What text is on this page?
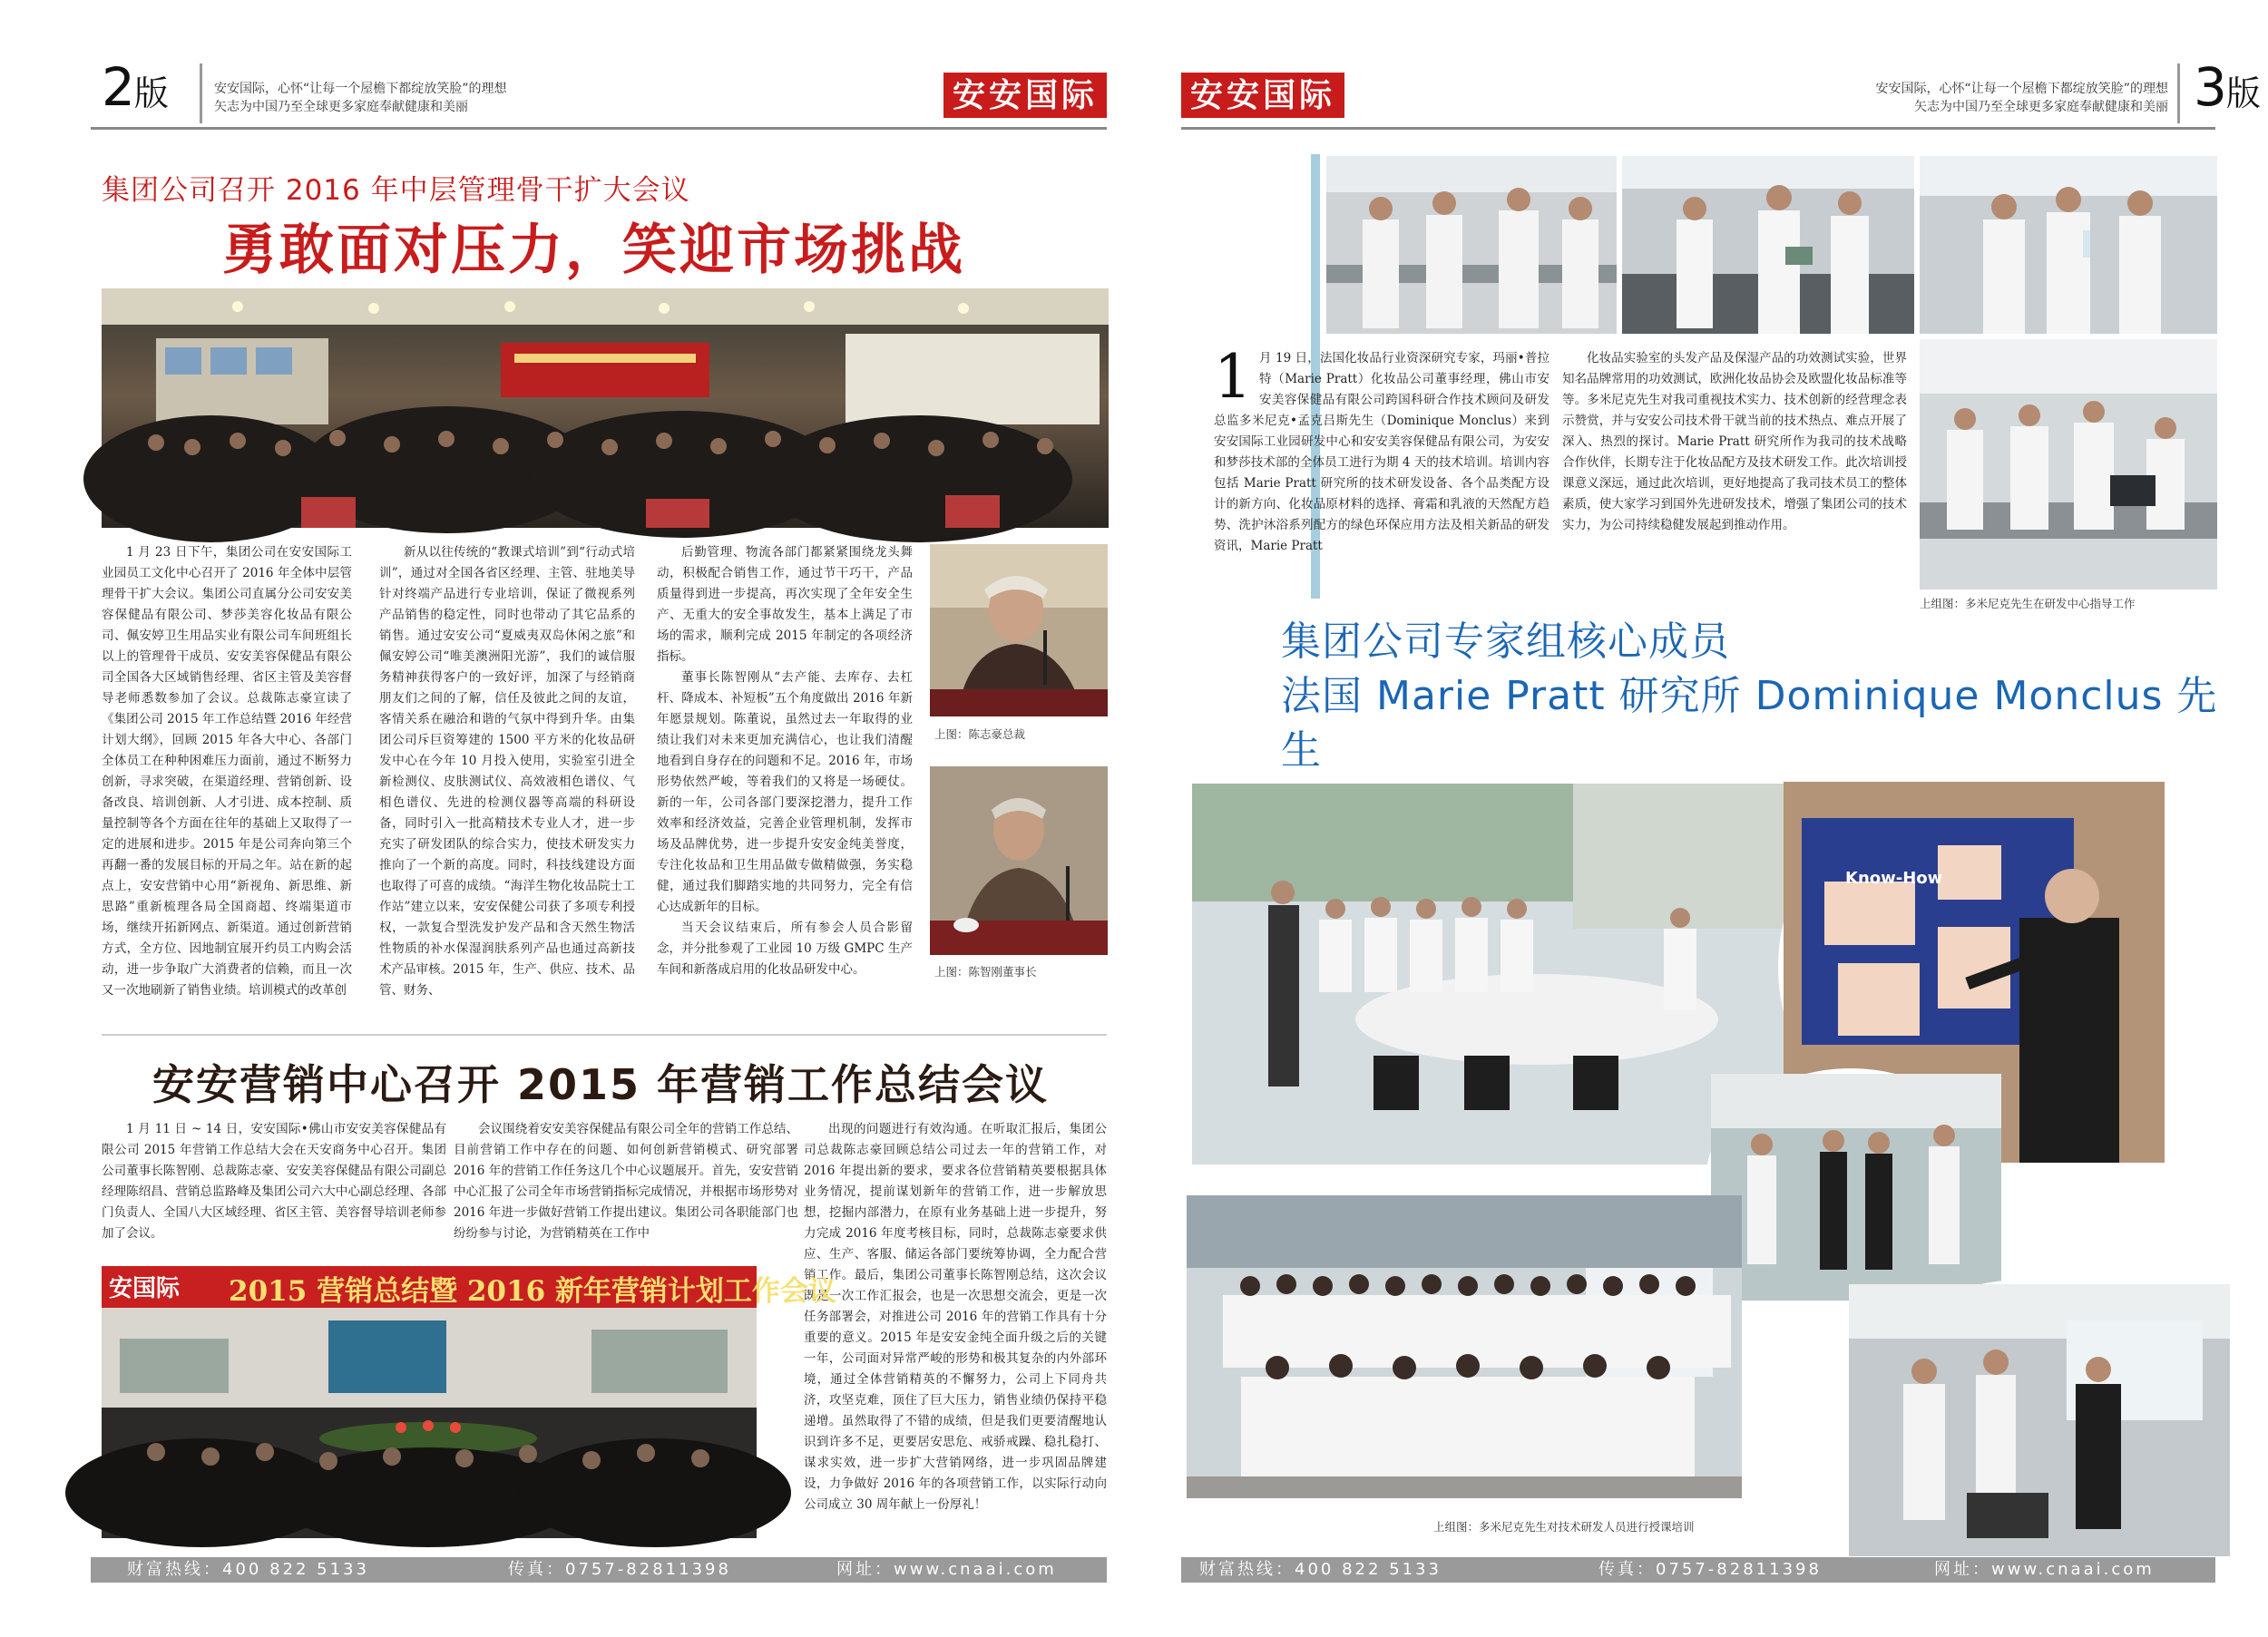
2版	安安国际，心怀“让每一个屋檐下都绽放笑脸”的理想
矢志为中国乃至全球更多家庭奉献健康和美丽	安安国际
集团公司召开 2016 年中层管理骨干扩大会议
勇敢面对压力，笑迎市场挑战

1 月 23 日下午，集团公司在安安国际工业园员工文化中心召开了 2016 年全体中层管理骨干扩大会议。集团公司直属分公司安安美容保健品有限公司、梦莎美容化妆品有限公司、佩安婷卫生用品实业有限公司车间班组长以上的管理骨干成员、安安美容保健品有限公司全国各大区域销售经理、省区主管及美容督导老师悉数参加了会议。总裁陈志豪宣读了《集团公司 2015 年工作总结暨 2016 年经营计划大纲》，回顾 2015 年各大中心、各部门全体员工在种种困难压力面前，通过不断努力创新，寻求突破，在渠道经理、营销创新、设备改良、培训创新、人才引进、成本控制、质量控制等各个方面在往年的基础上又取得了一定的进展和进步。2015 年是公司奔向第三个再翻一番的发展目标的开局之年。站在新的起点上，安安营销中心用“新视角、新思维、新思路”重新梳理各局全国商超、终端渠道市场，继续开拓新网点、新渠道。通过创新营销方式，全方位、因地制宜展开约员工内购会活动，进一步争取广大消费者的信赖，而且一次又一次地刷新了销售业绩。培训模式的改革创

新从以往传统的“教课式培训”到“行动式培训”，通过对全国各省区经理、主管、驻地美导针对终端产品进行专业培训，保证了微视系列产品销售的稳定性，同时也带动了其它品系的销售。通过安安公司“夏威夷双岛休闲之旅”和佩安婷公司“唯美澳洲阳光游”，我们的诚信服务精神获得客户的一致好评，加深了与经销商朋友们之间的了解，信任及彼此之间的友谊，客情关系在融洽和谐的气氛中得到升华。由集团公司斥巨资筹建的 1500 平方米的化妆品研发中心在今年 10 月投入使用，实验室引进全新检测仪、皮肤测试仪、高效液相色谱仪、气相色谱仪、先进的检测仪器等高端的科研设备，同时引入一批高精技术专业人才，进一步充实了研发团队的综合实力，使技术研发实力推向了一个新的高度。同时，科技线建设方面也取得了可喜的成绩。“海洋生物化妆品院士工作站”建立以来，安安保健公司获了多项专利授权，一款复合型洗发护发产品和含天然生物活性物质的补水保湿润肤系列产品也通过高新技术产品审核。2015 年，生产、供应、技术、品管、财务、

后勤管理、物流各部门都紧紧围绕龙头舞动，积极配合销售工作，通过节干巧干，产品质量得到进一步提高，再次实现了全年安全生产、无重大的安全事故发生，基本上满足了市场的需求，顺利完成 2015 年制定的各项经济指标。

董事长陈智刚从“去产能、去库存、去杠杆、降成本、补短板”五个角度做出 2016 年新年愿景规划。陈董说，虽然过去一年取得的业绩让我们对未来更加充满信心，也让我们清醒地看到自身存在的问题和不足。2016 年，市场形势依然严峻，等着我们的又将是一场硬仗。新的一年，公司各部门要深挖潜力，提升工作效率和经济效益，完善企业管理机制，发挥市场及品牌优势，进一步提升安安金纯美誉度，专注化妆品和卫生用品做专做精做强，务实稳健，通过我们脚踏实地的共同努力，完全有信心达成新年的目标。

当天会议结束后，所有参会人员合影留念，并分批参观了工业园 10 万级 GMPC 生产车间和新落成启用的化妆品研发中心。

上图：陈志豪总裁
上图：陈智刚董事长
安安营销中心召开 2015 年营销工作总结会议

1 月 11 日 ~ 14 日，安安国际•佛山市安安美容保健品有限公司 2015 年营销工作总结大会在天安商务中心召开。集团公司董事长陈智刚、总裁陈志豪、安安美容保健品有限公司副总经理陈绍昌、营销总监路峰及集团公司六大中心副总经理、各部门负责人、全国八大区域经理、省区主管、美容督导培训老师参加了会议。

会议围绕着安安美容保健品有限公司全年的营销工作总结、目前营销工作中存在的问题、如何创新营销模式、研究部署 2016 年的营销工作任务这几个中心议题展开。首先，安安营销中心汇报了公司全年市场营销指标完成情况，并根据市场形势对 2016 年进一步做好营销工作提出建议。集团公司各职能部门也纷纷参与讨论，为营销精英在工作中

出现的问题进行有效沟通。在听取汇报后，集团公司总裁陈志豪回顾总结公司过去一年的营销工作，对 2016 年提出新的要求，要求各位营销精英要根据具体业务情况，提前谋划新年的营销工作，进一步解放思想，挖掘内部潜力，在原有业务基础上进一步提升，努力完成 2016 年度考核目标，同时，总裁陈志豪要求供应、生产、客服、储运各部门要统筹协调，全力配合营销工作。最后，集团公司董事长陈智刚总结，这次会议既是一次工作汇报会，也是一次思想交流会，更是一次任务部署会，对推进公司 2016 年的营销工作具有十分重要的意义。2015 年是安安金纯全面升级之后的关键一年，公司面对异常严峻的形势和极其复杂的内外部环境，通过全体营销精英的不懈努力，公司上下同舟共济，攻坚克难，顶住了巨大压力，销售业绩仍保持平稳递增。虽然取得了不错的成绩，但是我们更要清醒地认识到许多不足，更要居安思危、戒骄戒躁、稳扎稳打、谋求实效，进一步扩大营销网络，进一步巩固品牌建设，力争做好 2016 年的各项营销工作，以实际行动向公司成立 30 周年献上一份厚礼！

安国际 2015 营销总结暨 2016 新年营销计划工作会议
财富热线：400 822 5133	传真：0757-82811398	网址：www.cnaai.com
安安国际	安安国际，心怀“让每一个屋檐下都绽放笑脸”的理想
矢志为中国乃至全球更多家庭奉献健康和美丽 3版
上组图：多米尼克先生在研发中心指导工作
1 月 19 日，法国化妆品行业资深研究专家，玛丽•普拉特（Marie Pratt）化妆品公司董事经理，佛山市安安美容保健品有限公司跨国科研合作技术顾问及研发总监多米尼克•孟克吕斯先生（Dominique Monclus）来到安安国际工业园研发中心和安安美容保健品有限公司，为安安和梦莎技术部的全体员工进行为期 4 天的技术培训。培训内容包括 Marie Pratt 研究所的技术研发设备、各个品类配方设计的新方向、化妆品原材料的选择、膏霜和乳液的天然配方趋势、洗护沐浴系列配方的绿色环保应用方法及相关新品的研发资讯，Marie Pratt

化妆品实验室的头发产品及保湿产品的功效测试实验，世界知名品牌常用的功效测试，欧洲化妆品协会及欧盟化妆品标准等等。多米尼克先生对我司重视技术实力、技术创新的经营理念表示赞赏，并与安安公司技术骨干就当前的技术热点、难点开展了深入、热烈的探讨。Marie Pratt 研究所作为我司的技术战略合作伙伴，长期专注于化妆品配方及技术研发工作。此次培训授课意义深远，通过此次培训，更好地提高了我司技术员工的整体素质，使大家学习到国外先进研发技术，增强了集团公司的技术实力，为公司持续稳健发展起到推动作用。

集团公司专家组核心成员
法国 Marie Pratt 研究所 Dominique Monclus 先生
Know-How
上组图：多米尼克先生对技术研发人员进行授课培训
财富热线：400 822 5133	传真：0757-82811398	网址：www.cnaai.com
